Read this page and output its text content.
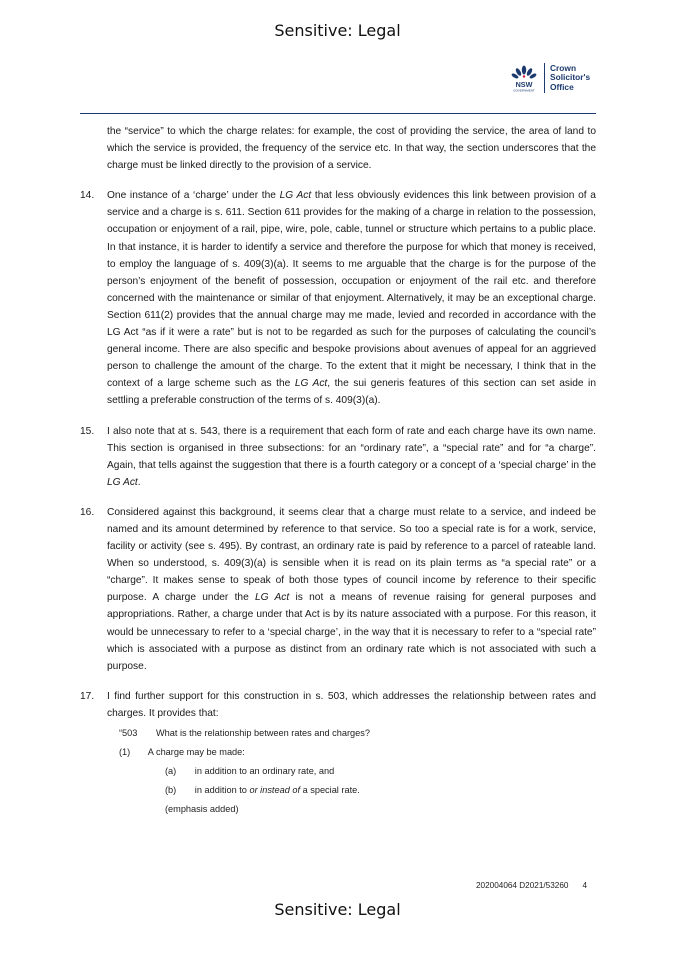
Sensitive: Legal
NSW
GOVERNMENT
Crown
Solicitor's
Office
the “service” to which the charge relates: for example, the cost of providing the service, the area of land to which the service is provided, the frequency of the service etc. In that way, the section underscores that the charge must be linked directly to the provision of a service.
14. One instance of a ‘charge’ under the LG Act that less obviously evidences this link between provision of a service and a charge is s. 611. Section 611 provides for the making of a charge in relation to the possession, occupation or enjoyment of a rail, pipe, wire, pole, cable, tunnel or structure which pertains to a public place. In that instance, it is harder to identify a service and therefore the purpose for which that money is received, to employ the language of s. 409(3)(a). It seems to me arguable that the charge is for the purpose of the person’s enjoyment of the benefit of possession, occupation or enjoyment of the rail etc. and therefore concerned with the maintenance or similar of that enjoyment. Alternatively, it may be an exceptional charge. Section 611(2) provides that the annual charge may me made, levied and recorded in accordance with the LG Act “as if it were a rate” but is not to be regarded as such for the purposes of calculating the council’s general income. There are also specific and bespoke provisions about avenues of appeal for an aggrieved person to challenge the amount of the charge. To the extent that it might be necessary, I think that in the context of a large scheme such as the LG Act, the sui generis features of this section can set aside in settling a preferable construction of the terms of s. 409(3)(a).
15. I also note that at s. 543, there is a requirement that each form of rate and each charge have its own name. This section is organised in three subsections: for an “ordinary rate”, a “special rate” and for “a charge”. Again, that tells against the suggestion that there is a fourth category or a concept of a ‘special charge’ in the LG Act.
16. Considered against this background, it seems clear that a charge must relate to a service, and indeed be named and its amount determined by reference to that service. So too a special rate is for a work, service, facility or activity (see s. 495). By contrast, an ordinary rate is paid by reference to a parcel of rateable land. When so understood, s. 409(3)(a) is sensible when it is read on its plain terms as “a special rate” or a “charge”. It makes sense to speak of both those types of council income by reference to their specific purpose. A charge under the LG Act is not a means of revenue raising for general purposes and appropriations. Rather, a charge under that Act is by its nature associated with a purpose. For this reason, it would be unnecessary to refer to a ‘special charge’, in the way that it is necessary to refer to a “special rate” which is associated with a purpose as distinct from an ordinary rate which is not associated with such a purpose.
17. I find further support for this construction in s. 503, which addresses the relationship between rates and charges. It provides that:
“503 What is the relationship between rates and charges?
(1) A charge may be made:
(a) in addition to an ordinary rate, and
(b) in addition to or instead of a special rate.
(emphasis added)
202004064 D2021/53260 4
Sensitive: Legal
